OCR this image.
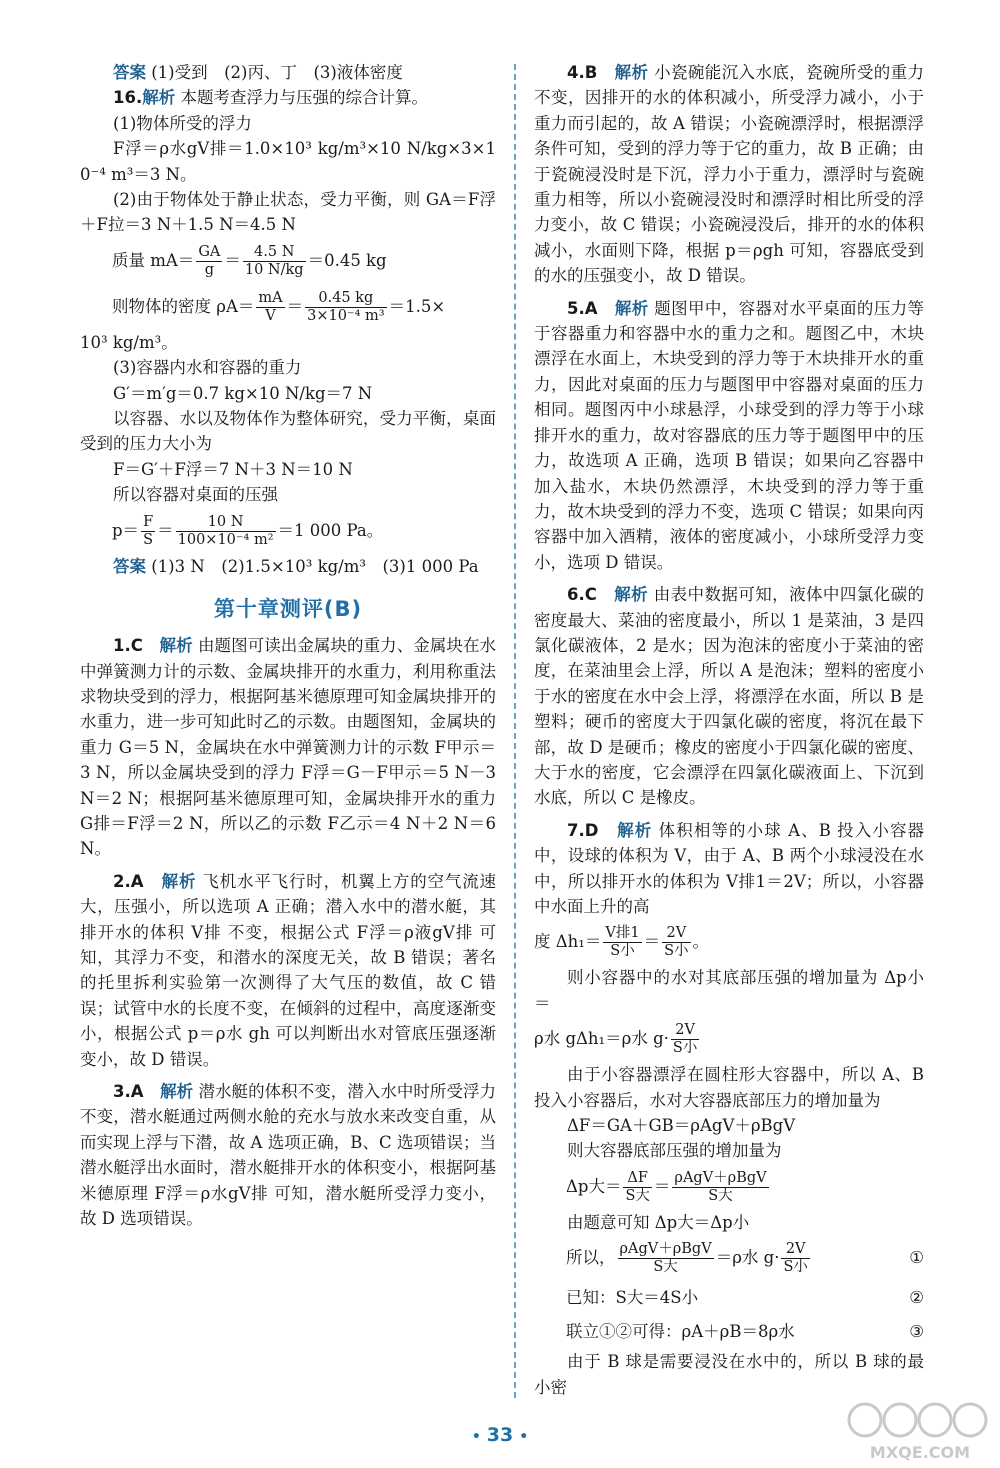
答案 (1)受到　(2)丙、丁　(3)液体密度

16.解析 本题考查浮力与压强的综合计算。

(1)物体所受的浮力

F浮＝ρ水gV排＝1.0×10³ kg/m³×10 N/kg×3×10⁻⁴ m³＝3 N。

(2)由于物体处于静止状态，受力平衡，则 GA＝F浮＋F拉＝3 N＋1.5 N＝4.5 N

质量 $mA= \frac{GA}{g} = \frac{4.5 N}{10 N/kg} =0.45$ kg

则物体的密度 $\rho A= \frac{mA}{V} = \frac{0.45 kg}{\text{3×10⁻⁴ m³}} =1.5\times$

10³ kg/m³。

(3)容器内水和容器的重力

G′＝m′g＝0.7 kg×10 N/kg＝7 N

以容器、水以及物体作为整体研究，受力平衡，桌面受到的压力大小为

F＝G′＋F浮＝7 N＋3 N＝10 N

所以容器对桌面的压强

$p= \frac{F}{S} = \frac{10 N}{\text{100×10⁻⁴ m²}} =1$ 000 Pa。

答案 (1)3 N　(2)1.5×10³ kg/m³　(3)1 000 Pa

第十章测评(B)

1.C　 解析 由题图可读出金属块的重力、金属块在水中弹簧测力计的示数、金属块排开的水重力，利用称重法求物块受到的浮力，根据阿基米德原理可知金属块排开的水重力，进一步可知此时乙的示数。由题图知，金属块的重力 G＝5 N，金属块在水中弹簧测力计的示数 F甲示＝3 N，所以金属块受到的浮力 F浮＝G－F甲示＝5 N－3 N＝2 N；根据阿基米德原理可知，金属块排开水的重力 G排＝F浮＝2 N，所以乙的示数 F乙示＝4 N＋2 N＝6 N。

2.A　 解析 飞机水平飞行时，机翼上方的空气流速大，压强小，所以选项 A 正确；潜入水中的潜水艇，其排开水的体积 V排 不变，根据公式 F浮＝ρ液gV排 可知，其浮力不变，和潜水的深度无关，故 B 错误；著名的托里拆利实验第一次测得了大气压的数值，故 C 错误；试管中水的长度不变，在倾斜的过程中，高度逐渐变小，根据公式 p＝ρ水 gh 可以判断出水对管底压强逐渐变小，故 D 错误。

3.A　 解析 潜水艇的体积不变，潜入水中时所受浮力不变，潜水艇通过两侧水舱的充水与放水来改变自重，从而实现上浮与下潜，故 A 选项正确，B、C 选项错误；当潜水艇浮出水面时，潜水艇排开水的体积变小，根据阿基米德原理 F浮＝ρ水gV排 可知，潜水艇所受浮力变小，故 D 选项错误。

4.B　 解析 小瓷碗能沉入水底，瓷碗所受的重力不变，因排开的水的体积减小，所受浮力减小，小于重力而引起的，故 A 错误；小瓷碗漂浮时，根据漂浮条件可知，受到的浮力等于它的重力，故 B 正确；由于瓷碗浸没时是下沉，浮力小于重力，漂浮时与瓷碗重力相等，所以小瓷碗浸没时和漂浮时相比所受的浮力变小，故 C 错误；小瓷碗浸没后，排开的水的体积减小，水面则下降，根据 p＝ρgh 可知，容器底受到的水的压强变小，故 D 错误。

5.A　 解析 题图甲中，容器对水平桌面的压力等于容器重力和容器中水的重力之和。题图乙中，木块漂浮在水面上，木块受到的浮力等于木块排开水的重力，因此对桌面的压力与题图甲中容器对桌面的压力相同。题图丙中小球悬浮，小球受到的浮力等于小球排开水的重力，故对容器底的压力等于题图甲中的压力，故选项 A 正确，选项 B 错误；如果向乙容器中加入盐水，木块仍然漂浮，木块受到的浮力等于重力，故木块受到的浮力不变，选项 C 错误；如果向丙容器中加入酒精，液体的密度减小，小球所受浮力变小，选项 D 错误。

6.C　 解析 由表中数据可知，液体中四氯化碳的密度最大、菜油的密度最小，所以 1 是菜油，3 是四氯化碳液体，2 是水；因为泡沫的密度小于菜油的密度，在菜油里会上浮，所以 A 是泡沫；塑料的密度小于水的密度在水中会上浮，将漂浮在水面，所以 B 是塑料；硬币的密度大于四氯化碳的密度，将沉在最下部，故 D 是硬币；橡皮的密度小于四氯化碳的密度、大于水的密度，它会漂浮在四氯化碳液面上、下沉到水底，所以 C 是橡皮。

7.D　 解析 体积相等的小球 A、B 投入小容器中，设球的体积为 V，由于 A、B 两个小球浸没在水中，所以排开水的体积为 V排1＝2V；所以，小容器中水面上升的高

度 $\Delta h_1= \frac{\text{V排1}}{\text{S小}} = \frac{2V}{\text{S小}}$ 。

则小容器中的水对其底部压强的增加量为 Δp小＝

ρ水 gΔh₁＝ρ水 $g\cdot \frac{2V}{\text{S小}}$

由于小容器漂浮在圆柱形大容器中，所以 A、B 投入小容器后，水对大容器底部压力的增加量为

ΔF＝GA＋GB＝ρAgV＋ρBgV

则大容器底部压强的增加量为

Δp大＝ $\frac{\Delta F}{\text{S大}} = \frac{\text{ρAgV＋ρBgV}}{\text{S大}}$

由题意可知 Δp大＝Δp小

所以， $\frac{\text{ρAgV＋ρBgV}}{\text{S大}} =\rho$水 $g\cdot \frac{2V}{\text{S小}}$	①

已知：S大＝4S小	②

联立①②可得：ρA＋ρB＝8ρ水	③

由于 B 球是需要浸没在水中的，所以 B 球的最小密

• 33 •
MXQE.COM
